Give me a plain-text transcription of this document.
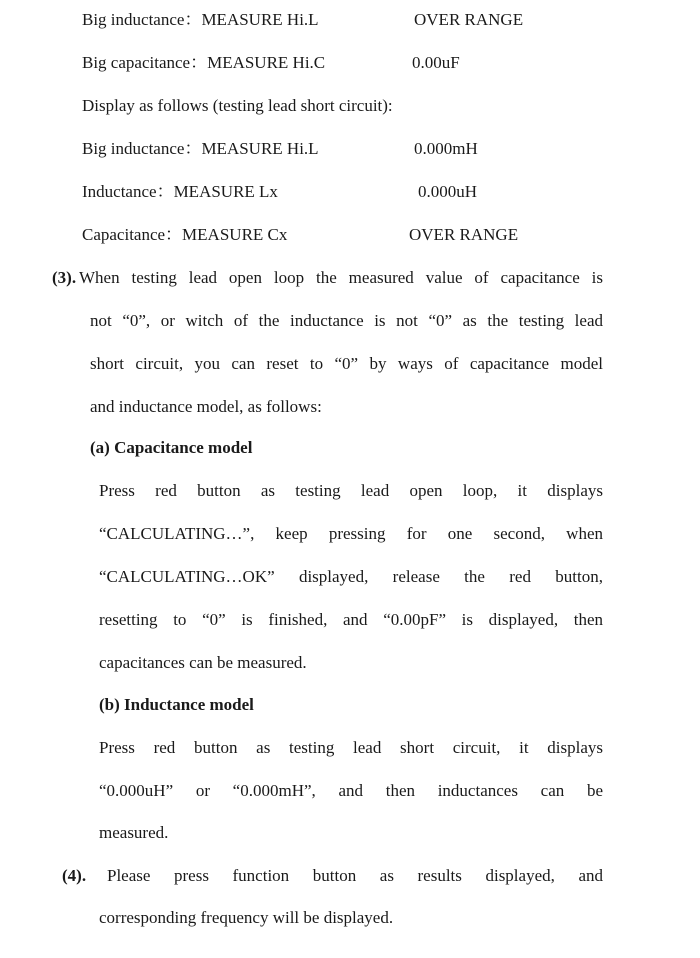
Big inductance：MEASURE Hi.L	OVER RANGE
Big capacitance：MEASURE Hi.C	0.00uF
Display as follows (testing lead short circuit):
Big inductance：MEASURE Hi.L	0.000mH
Inductance：MEASURE Lx	0.000uH
Capacitance：MEASURE Cx	OVER RANGE
(3). When testing lead open loop the measured value of capacitance is
not “0”, or witch of the inductance is not “0” as the testing lead
short circuit, you can reset to “0” by ways of capacitance model
and inductance model, as follows:
(a) Capacitance model
Press red button as testing lead open loop, it displays
“CALCULATING…”, keep pressing for one second, when
“CALCULATING…OK” displayed, release the red button,
resetting to “0” is finished, and “0.00pF” is displayed, then
capacitances can be measured.
(b) Inductance model
Press red button as testing lead short circuit, it displays
“0.000uH” or “0.000mH”, and then inductances can be
measured.
(4). Please press function button as results displayed, and
corresponding frequency will be displayed.
